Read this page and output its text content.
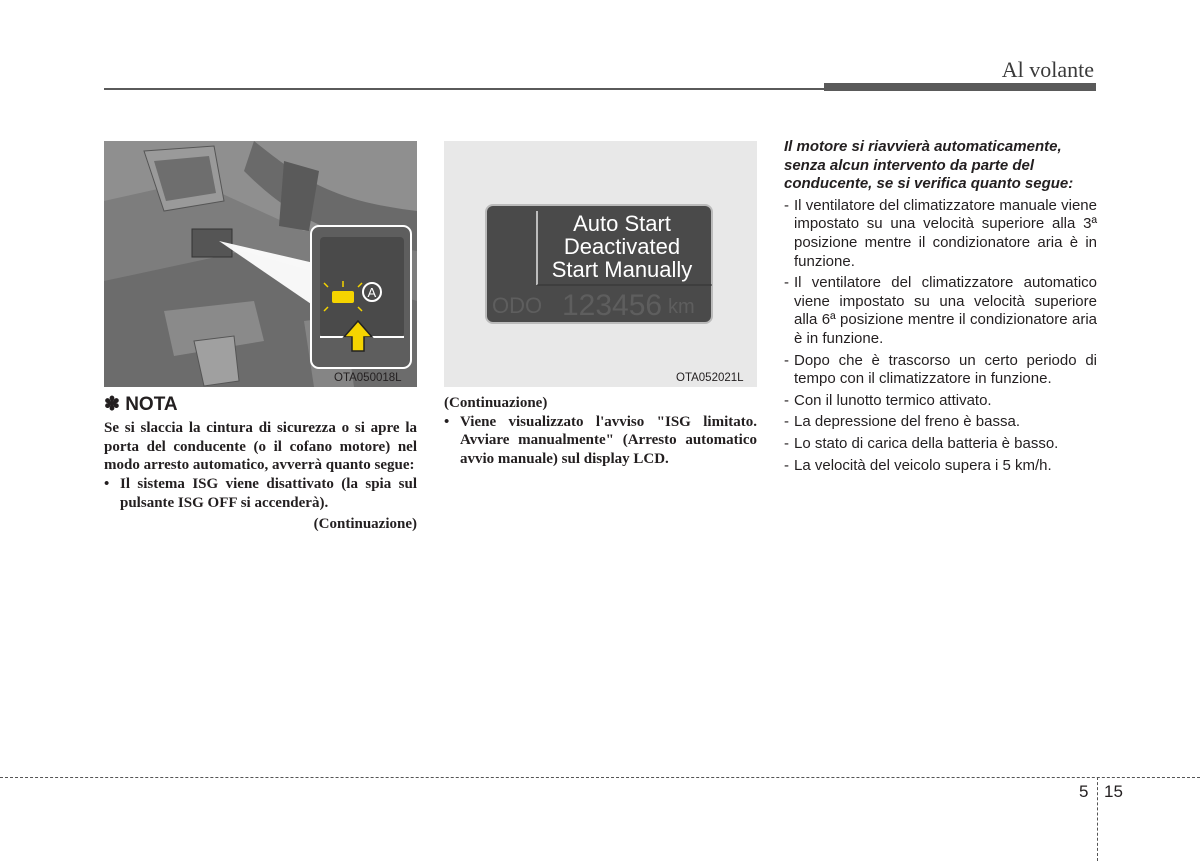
Al volante
A
OTA050018L
Auto Start
Deactivated
Start Manually
ODO 123456 km
OTA052021L
✽ NOTA
Se si slaccia la cintura di sicurezza o si apre la porta del conducente (o il cofano motore) nel modo arresto automatico, avverrà quanto segue:
• Il sistema ISG viene disattivato (la spia sul pulsante ISG OFF si accenderà).
(Continuazione)
(Continuazione)
• Viene visualizzato l'avviso "ISG limitato. Avviare manualmente" (Arresto automatico avvio manuale) sul display LCD.
Il motore si riavvierà automaticamente, senza alcun intervento da parte del conducente, se si verifica quanto segue:
- Il ventilatore del climatizzatore manuale viene impostato su una velocità superiore alla 3ª posizione mentre il condizionatore aria è in funzione.
- Il ventilatore del climatizzatore automatico viene impostato su una velocità superiore alla 6ª posizione mentre il condizionatore aria è in funzione.
- Dopo che è trascorso un certo periodo di tempo con il climatizzatore in funzione.
- Con il lunotto termico attivato.
- La depressione del freno è bassa.
- Lo stato di carica della batteria è basso.
- La velocità del veicolo supera i 5 km/h.
5 15
